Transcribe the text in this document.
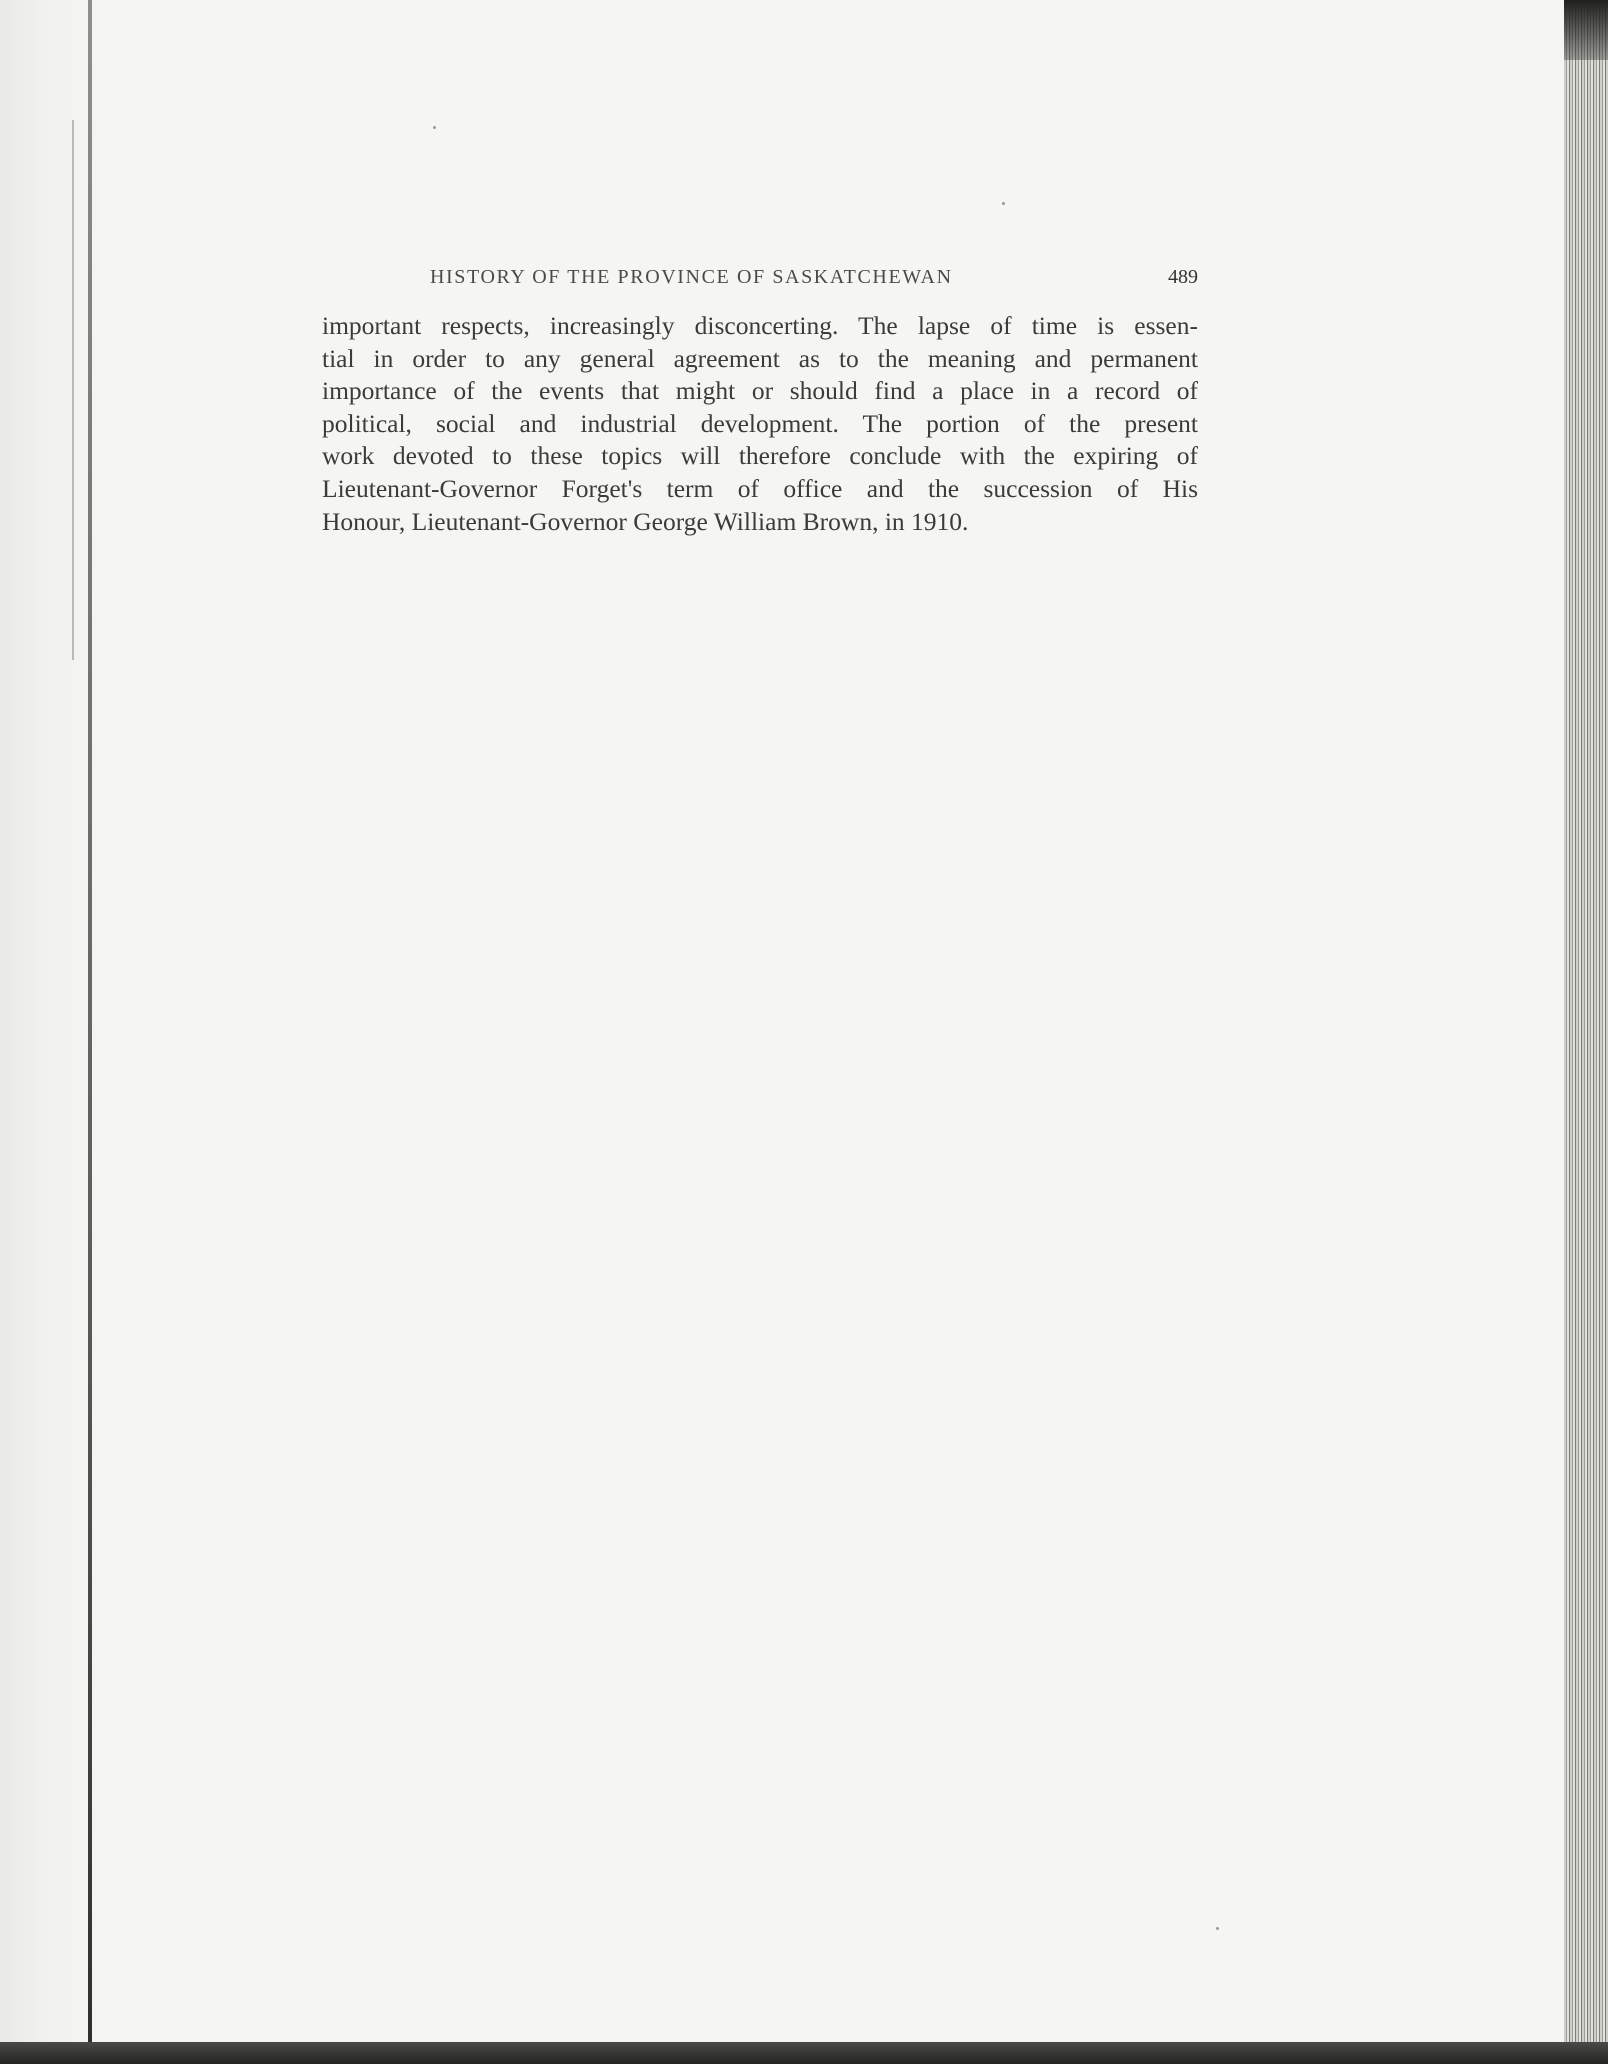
HISTORY OF THE PROVINCE OF SASKATCHEWAN	489
important respects, increasingly disconcerting. The lapse of time is essen-
tial in order to any general agreement as to the meaning and permanent
importance of the events that might or should find a place in a record of
political, social and industrial development. The portion of the present
work devoted to these topics will therefore conclude with the expiring of
Lieutenant-Governor Forget's term of office and the succession of His
Honour, Lieutenant-Governor George William Brown, in 1910.
